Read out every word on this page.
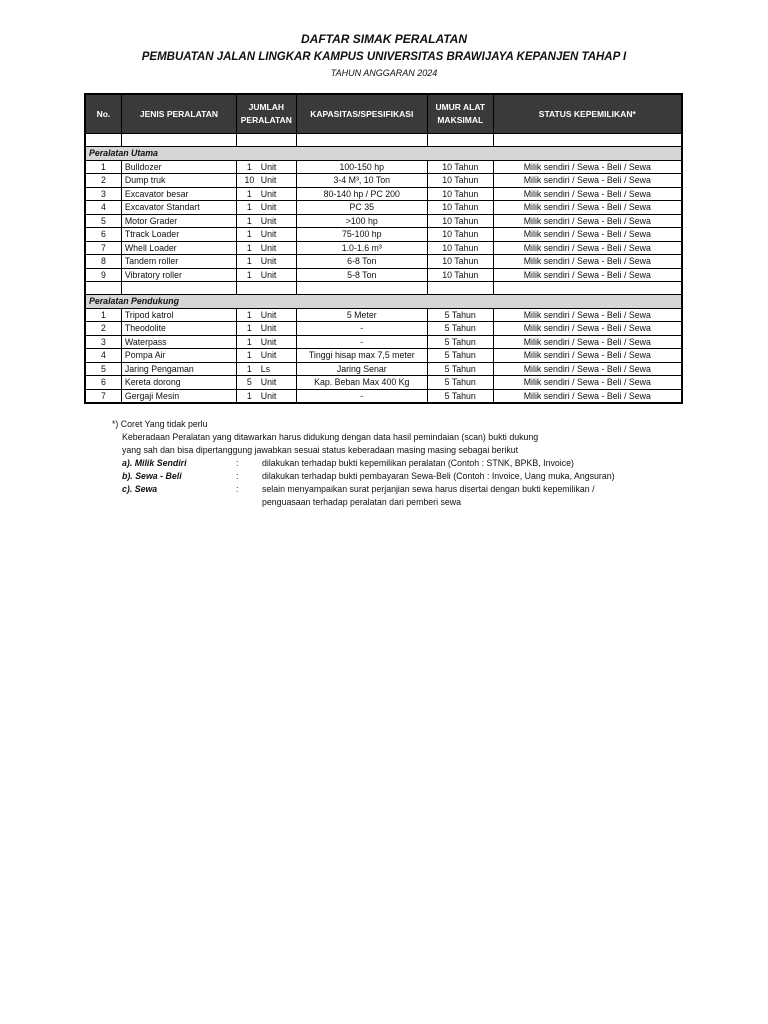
DAFTAR SIMAK PERALATAN
PEMBUATAN JALAN LINGKAR KAMPUS UNIVERSITAS BRAWIJAYA KEPANJEN TAHAP I
TAHUN ANGGARAN 2024
No.	JENIS PERALATAN	JUMLAH PERALATAN		KAPASITAS/SPESIFIKASI	UMUR ALAT MAKSIMAL	STATUS KEPEMILIKAN*

Peralatan Utama						
1	Bulldozer	1	Unit	100-150 hp	10 Tahun	Milik sendiri / Sewa - Beli / Sewa
2	Dump truk	10	Unit	3-4 M³, 10 Ton	10 Tahun	Milik sendiri / Sewa - Beli / Sewa
3	Excavator besar	1	Unit	80-140 hp / PC 200	10 Tahun	Milik sendiri / Sewa - Beli / Sewa
4	Excavator Standart	1	Unit	PC 35	10 Tahun	Milik sendiri / Sewa - Beli / Sewa
5	Motor Grader	1	Unit	>100 hp	10 Tahun	Milik sendiri / Sewa - Beli / Sewa
6	Ttrack Loader	1	Unit	75-100 hp	10 Tahun	Milik sendiri / Sewa - Beli / Sewa
7	Whell Loader	1	Unit	1.0-1.6 m³	10 Tahun	Milik sendiri / Sewa - Beli / Sewa
8	Tandem roller	1	Unit	6-8 Ton	10 Tahun	Milik sendiri / Sewa - Beli / Sewa
9	Vibratory roller	1	Unit	5-8 Ton	10 Tahun	Milik sendiri / Sewa - Beli / Sewa

Peralatan Pendukung						
1	Tripod katrol	1	Unit	5 Meter	5 Tahun	Milik sendiri / Sewa - Beli / Sewa
2	Theodolite	1	Unit	-	5 Tahun	Milik sendiri / Sewa - Beli / Sewa
3	Waterpass	1	Unit	-	5 Tahun	Milik sendiri / Sewa - Beli / Sewa
4	Pompa Air	1	Unit	Tinggi hisap max 7,5 meter	5 Tahun	Milik sendiri / Sewa - Beli / Sewa
5	Jaring Pengaman	1	Ls	Jaring Senar	5 Tahun	Milik sendiri / Sewa - Beli / Sewa
6	Kereta dorong	5	Unit	Kap. Beban Max 400 Kg	5 Tahun	Milik sendiri / Sewa - Beli / Sewa
7	Gergaji Mesin	1	Unit	-	5 Tahun	Milik sendiri / Sewa - Beli / Sewa
*) Coret Yang tidak perlu
Keberadaan Peralatan yang ditawarkan harus didukung dengan data hasil pemindaian (scan) bukti dukung
yang sah dan bisa dipertanggung jawabkan sesuai status keberadaan masing masing sebagai berikut
a). Milik Sendiri	:	dilakukan terhadap bukti kepemilikan peralatan (Contoh : STNK, BPKB, Invoice)
b). Sewa - Beli	:	dilakukan terhadap bukti pembayaran Sewa-Beli (Contoh : Invoice, Uang muka, Angsuran)
c). Sewa	:	selain menyampaikan surat perjanjian sewa harus disertai dengan bukti kepemilikan /
penguasaan terhadap peralatan dari pemberi sewa
